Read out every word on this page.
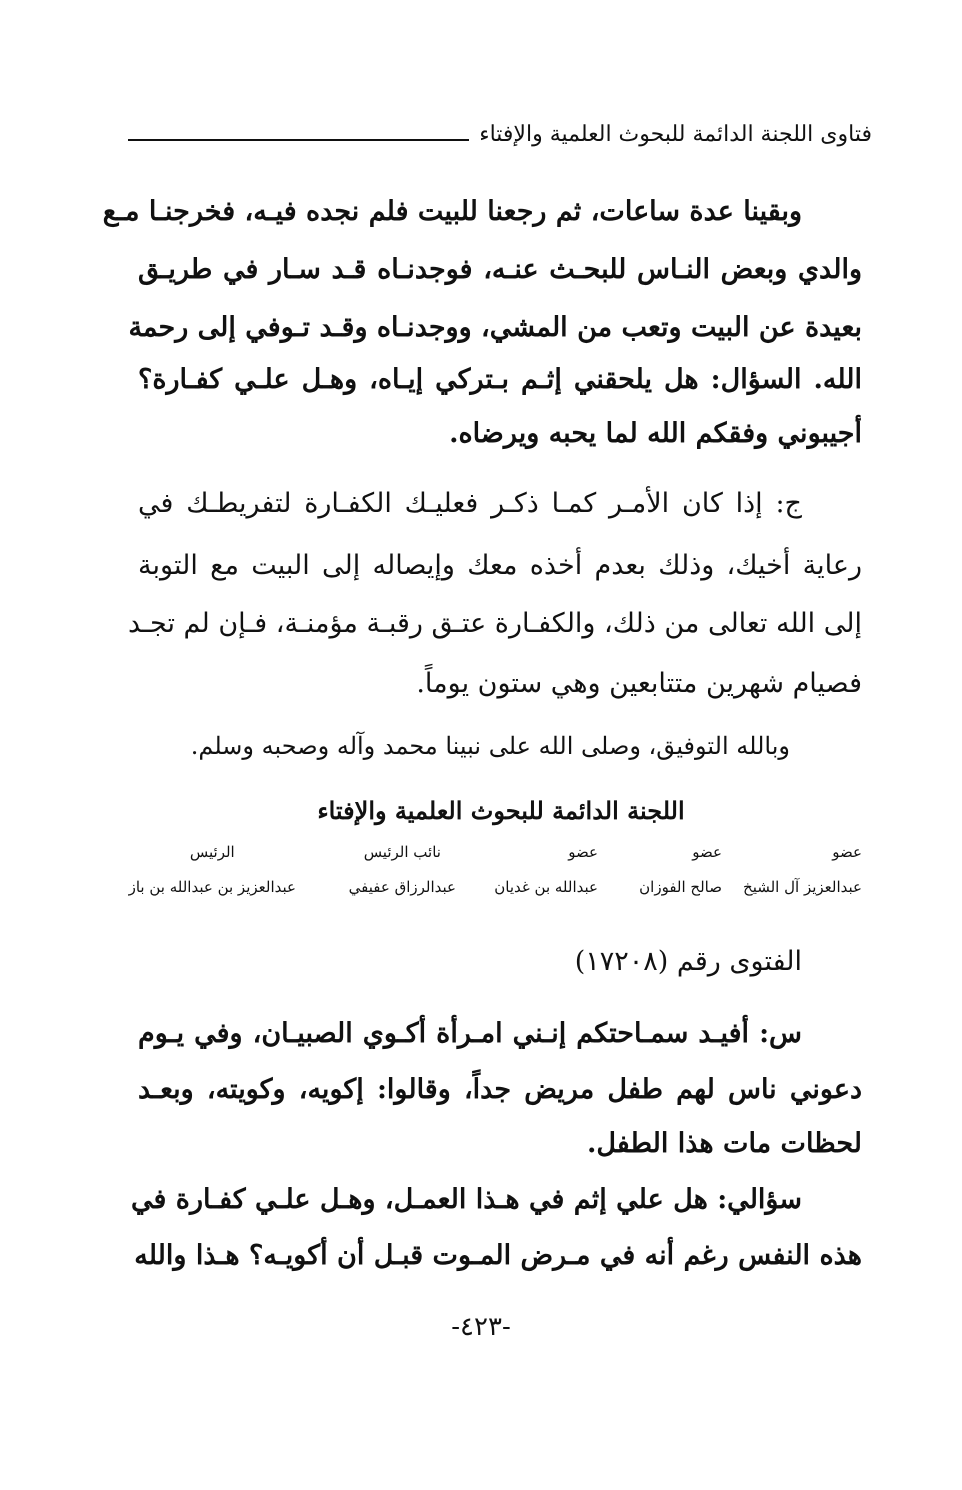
فتاوى اللجنة الدائمة للبحوث العلمية والإفتاء
وبقينا عدة ساعات، ثم رجعنا للبيت فلم نجده فيـه، فخرجنـا مـع
والدي وبعض النـاس للبحـث عنـه، فوجدنـاه قـد سـار في طريـق
بعيدة عن البيت وتعب من المشي، ووجدنـاه وقـد تـوفي إلى رحمة
الله. السؤال: هل يلحقني إثـم بـتركي إيـاه، وهـل علـي كفـارة؟
أجيبوني وفقكم الله لما يحبه ويرضاه.
ج: إذا كان الأمـر كمـا ذكـر فعليـك الكفـارة لتفريطـك في
رعاية أخيك، وذلك بعدم أخذه معك وإيصاله إلى البيت مع التوبة
إلى الله تعالى من ذلك، والكفـارة عتـق رقبـة مؤمنـة، فـإن لم تجـد
فصيام شهرين متتابعين وهي ستون يوماً.
وبالله التوفيق، وصلى الله على نبينا محمد وآله وصحبه وسلم.
اللجنة الدائمة للبحوث العلمية والإفتاء
عضو
عبدالعزيز آل الشيخ
عضو
صالح الفوزان
عضو
عبدالله بن غديان
نائب الرئيس
عبدالرزاق عفيفي
الرئيس
عبدالعزيز بن عبدالله بن باز
الفتوى رقم (١٧٢٠٨)
س: أفيـد سمـاحتكم إنـني امـرأة أكـوي الصبيـان، وفي يـوم
دعوني ناس لهم طفل مريض جداً، وقالوا: إكويه، وكويته، وبعـد
لحظات مات هذا الطفل.
سؤالي: هل علي إثم في هـذا العمـل، وهـل علـي كفـارة في
هذه النفس رغم أنه في مـرض المـوت قبـل أن أكويـه؟ هـذا والله
-٤٢٣-
